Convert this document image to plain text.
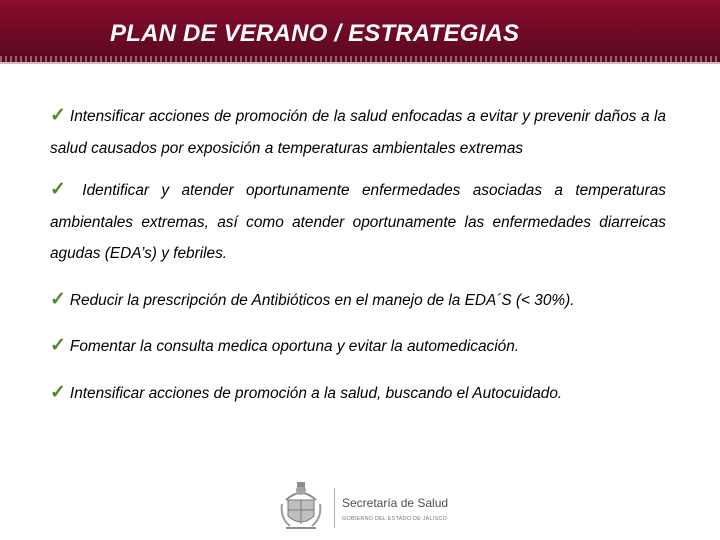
PLAN DE VERANO / ESTRATEGIAS

✓ Intensificar acciones de promoción de la salud enfocadas a evitar y prevenir daños a la salud causados por exposición a temperaturas ambientales extremas

✓ Identificar y atender oportunamente enfermedades asociadas a temperaturas ambientales extremas, así como atender oportunamente las enfermedades diarreicas agudas (EDA’s) y febriles.

✓ Reducir la prescripción de Antibióticos en el manejo de la EDA´S (< 30%).

✓ Fomentar la consulta medica oportuna y evitar la automedicación.

✓ Intensificar acciones de promoción a la salud, buscando el Autocuidado.

Secretaría de Salud
GOBIERNO DEL ESTADO DE JALISCO
